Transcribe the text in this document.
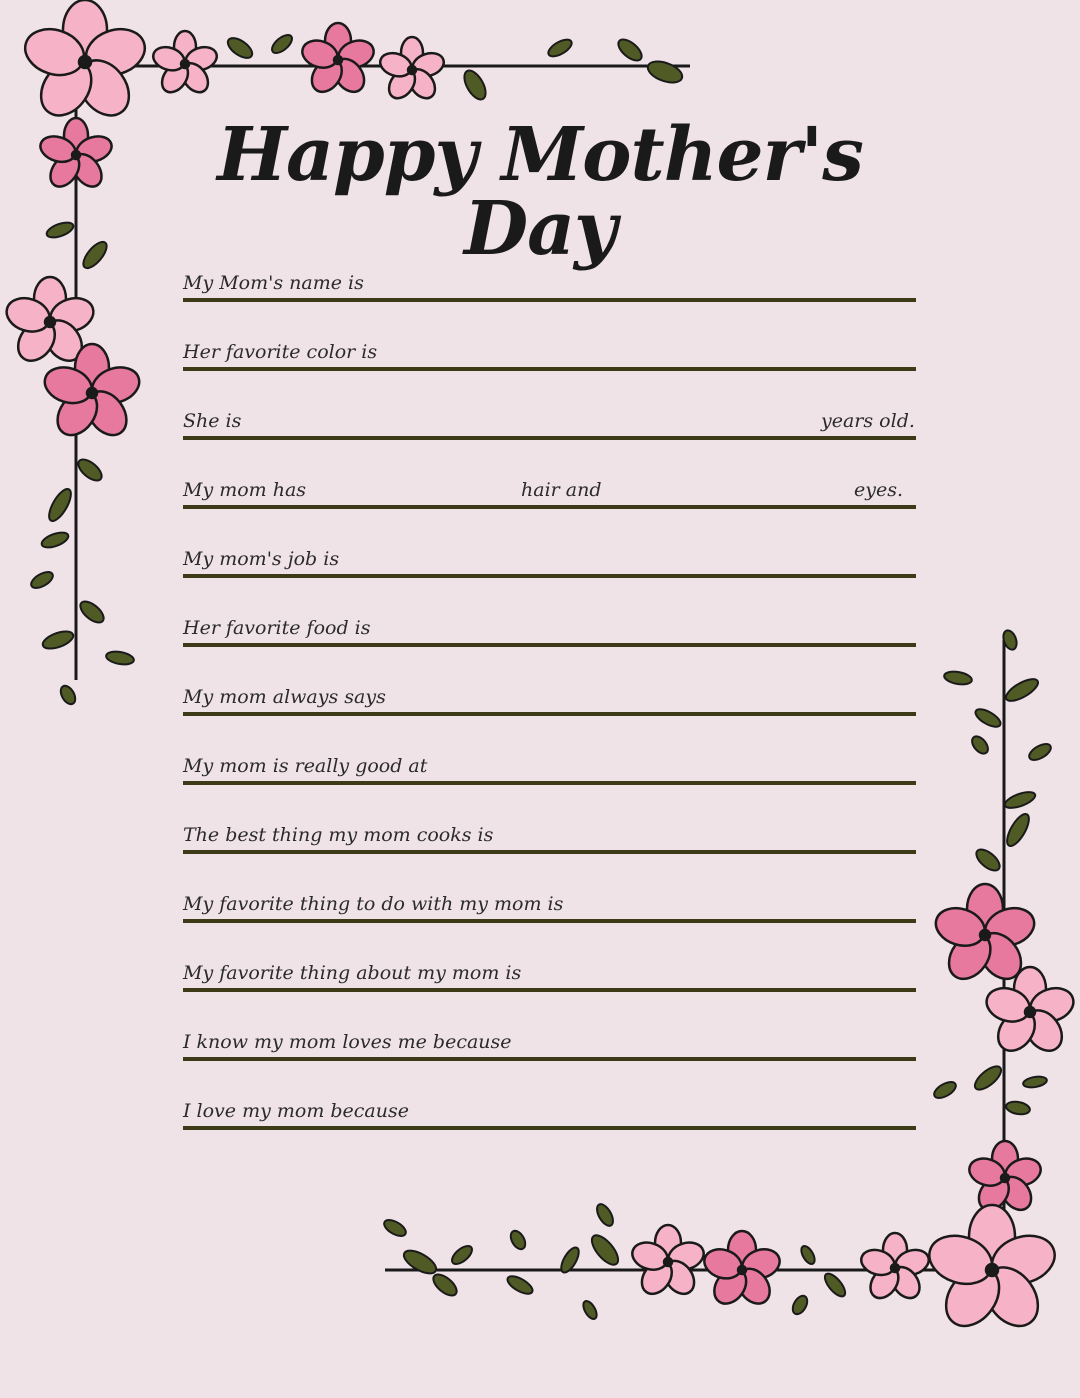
Happy Mother's Day
My Mom's name is
Her favorite color is
She is	years old.
My mom has	hair and	eyes.
My mom's job is
Her favorite food is
My mom always says
My mom is really good at
The best thing my mom cooks is
My favorite thing to do with my mom is
My favorite thing about my mom is
I know my mom loves me because
I love my mom because
